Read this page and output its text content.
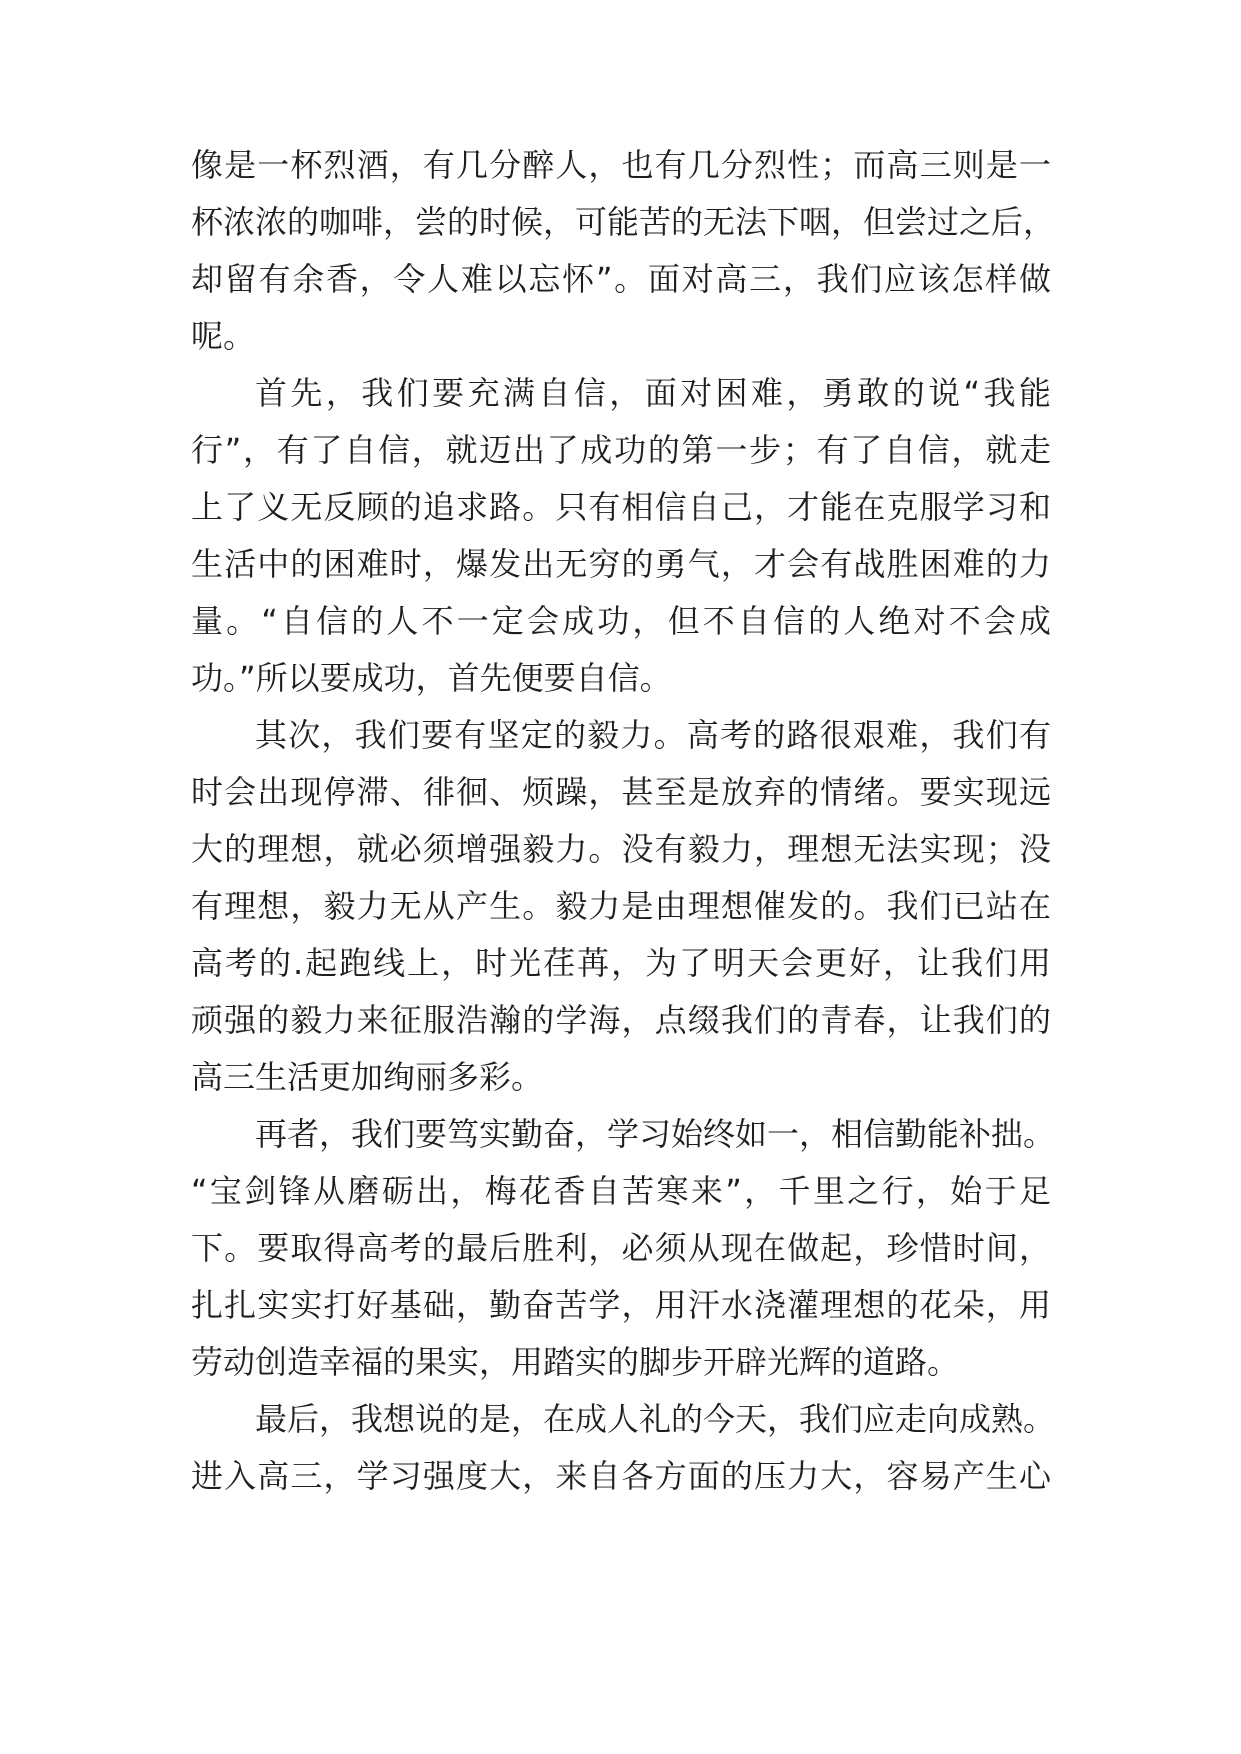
像是一杯烈酒，有几分醉人，也有几分烈性；而高三则是一
杯浓浓的咖啡，尝的时候，可能苦的无法下咽，但尝过之后，
却留有余香，令人难以忘怀”。面对高三，我们应该怎样做
呢。
首先，我们要充满自信，面对困难，勇敢的说“我能
行”，有了自信，就迈出了成功的第一步；有了自信，就走
上了义无反顾的追求路。只有相信自己，才能在克服学习和
生活中的困难时，爆发出无穷的勇气，才会有战胜困难的力
量。“自信的人不一定会成功，但不自信的人绝对不会成
功。”所以要成功，首先便要自信。
其次，我们要有坚定的毅力。高考的路很艰难，我们有
时会出现停滞、徘徊、烦躁，甚至是放弃的情绪。要实现远
大的理想，就必须增强毅力。没有毅力，理想无法实现；没
有理想，毅力无从产生。毅力是由理想催发的。我们已站在
高考的.起跑线上，时光荏苒，为了明天会更好，让我们用
顽强的毅力来征服浩瀚的学海，点缀我们的青春，让我们的
高三生活更加绚丽多彩。
再者，我们要笃实勤奋，学习始终如一，相信勤能补拙。
“宝剑锋从磨砺出，梅花香自苦寒来”，千里之行，始于足
下。要取得高考的最后胜利，必须从现在做起，珍惜时间，
扎扎实实打好基础，勤奋苦学，用汗水浇灌理想的花朵，用
劳动创造幸福的果实，用踏实的脚步开辟光辉的道路。
最后，我想说的是，在成人礼的今天，我们应走向成熟。
进入高三，学习强度大，来自各方面的压力大，容易产生心
